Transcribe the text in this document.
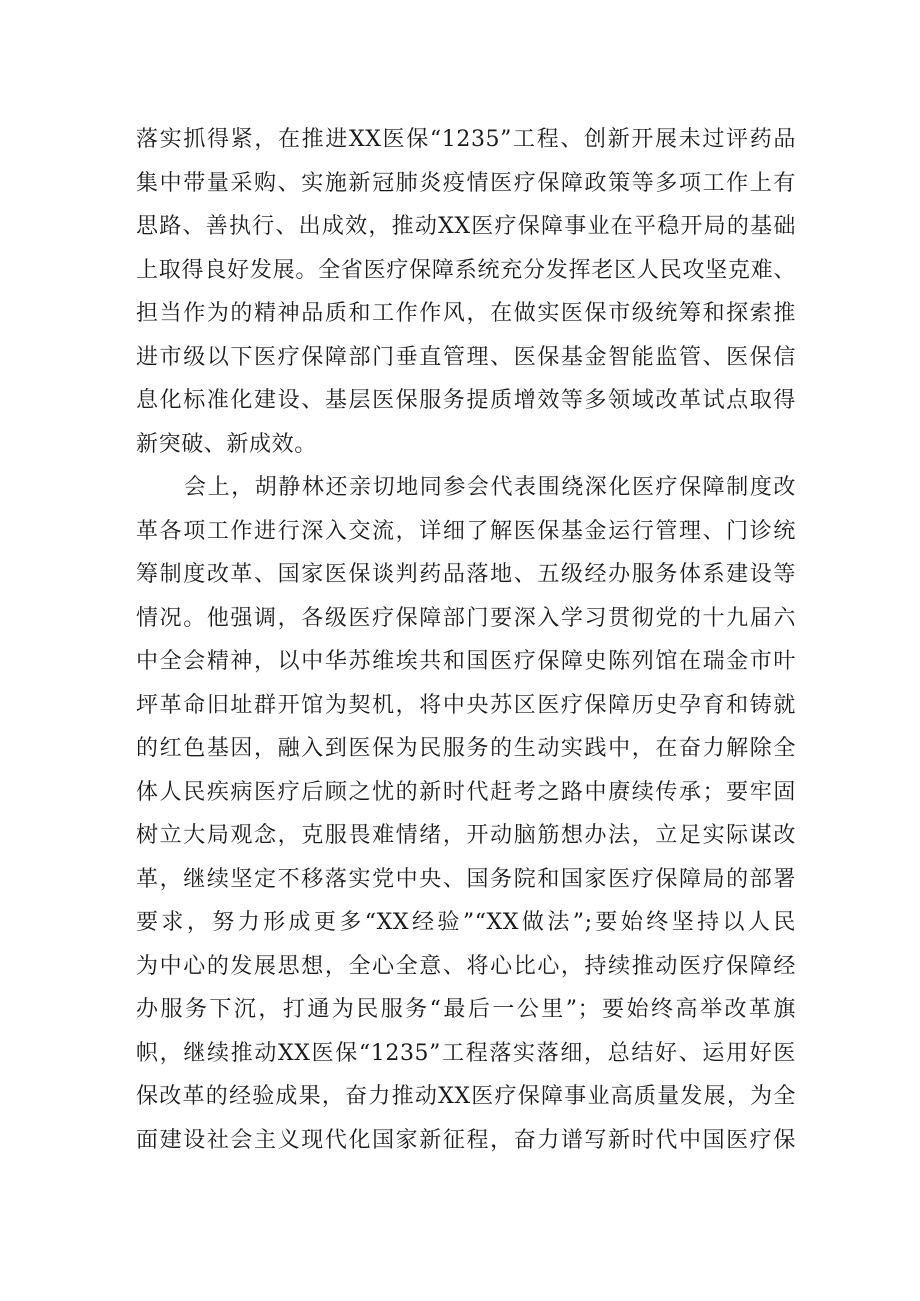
落实抓得紧，在推进XX医保“1235”工程、创新开展未过评药品
集中带量采购、实施新冠肺炎疫情医疗保障政策等多项工作上有
思路、善执行、出成效，推动XX医疗保障事业在平稳开局的基础
上取得良好发展。全省医疗保障系统充分发挥老区人民攻坚克难、
担当作为的精神品质和工作作风，在做实医保市级统筹和探索推
进市级以下医疗保障部门垂直管理、医保基金智能监管、医保信
息化标准化建设、基层医保服务提质增效等多领域改革试点取得
新突破、新成效。
会上，胡静林还亲切地同参会代表围绕深化医疗保障制度改
革各项工作进行深入交流，详细了解医保基金运行管理、门诊统
筹制度改革、国家医保谈判药品落地、五级经办服务体系建设等
情况。他强调，各级医疗保障部门要深入学习贯彻党的十九届六
中全会精神，以中华苏维埃共和国医疗保障史陈列馆在瑞金市叶
坪革命旧址群开馆为契机，将中央苏区医疗保障历史孕育和铸就
的红色基因，融入到医保为民服务的生动实践中，在奋力解除全
体人民疾病医疗后顾之忧的新时代赶考之路中赓续传承；要牢固
树立大局观念，克服畏难情绪，开动脑筋想办法，立足实际谋改
革，继续坚定不移落实党中央、国务院和国家医疗保障局的部署
要求，努力形成更多“XX经验”“XX做法”;要始终坚持以人民
为中心的发展思想，全心全意、将心比心，持续推动医疗保障经
办服务下沉，打通为民服务“最后一公里”；要始终高举改革旗
帜，继续推动XX医保“1235”工程落实落细，总结好、运用好医
保改革的经验成果，奋力推动XX医疗保障事业高质量发展，为全
面建设社会主义现代化国家新征程，奋力谱写新时代中国医疗保
